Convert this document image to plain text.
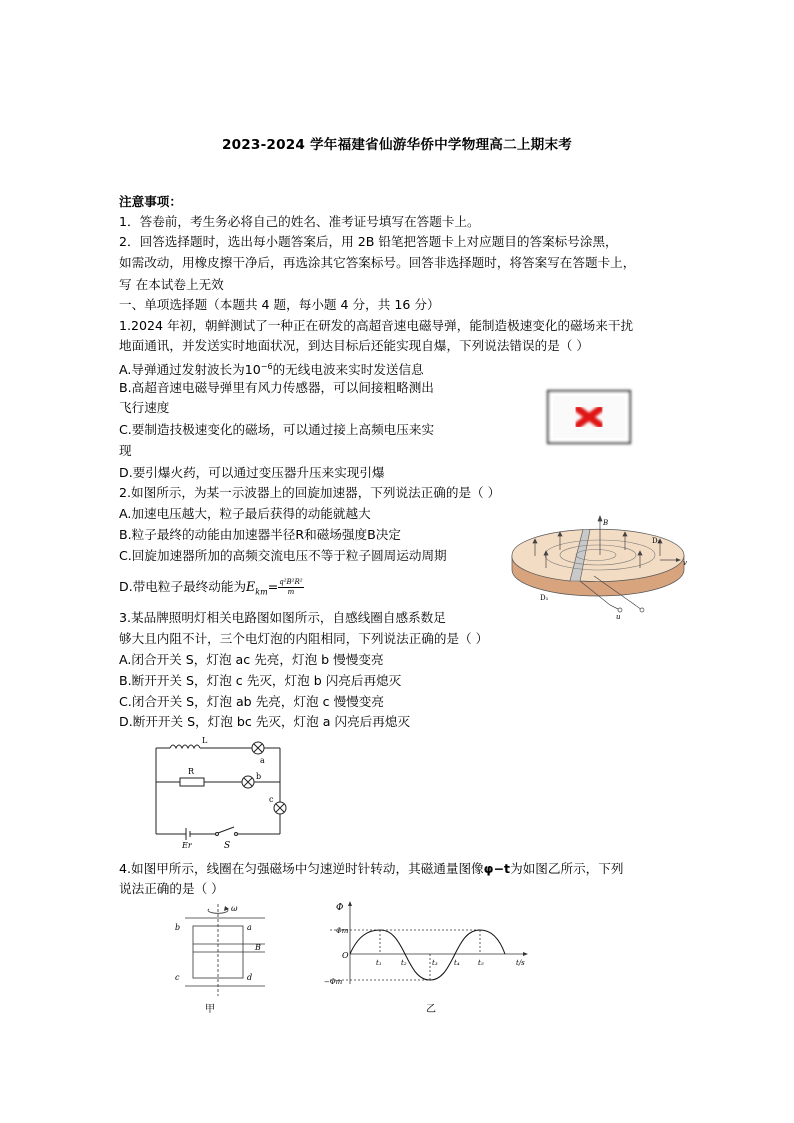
2023-2024 学年福建省仙游华侨中学物理高二上期末考
注意事项：
1．答卷前，考生务必将自己的姓名、准考证号填写在答题卡上。
2．回答选择题时，选出每小题答案后，用 2B 铅笔把答题卡上对应题目的答案标号涂黑，
如需改动，用橡皮擦干净后，再选涂其它答案标号。回答非选择题时，将答案写在答题卡上，
写 在本试卷上无效
一、单项选择题（本题共 4 题，每小题 4 分，共 16 分）
1.2024 年初，朝鲜测试了一种正在研发的高超音速电磁导弹，能制造极速变化的磁场来干扰
地面通讯，并发送实时地面状况，到达目标后还能实现自爆，下列说法错误的是（ ）
A.导弹通过发射波长为$10^{-6}$的无线电波来实时发送信息
B.高超音速电磁导弹里有风力传感器，可以间接粗略测出
飞行速度
C.要制造技极速变化的磁场，可以通过接上高频电压来实
现
D.要引爆火药，可以通过变压器升压来实现引爆
2.如图所示，为某一示波器上的回旋加速器，下列说法正确的是（ ）
A.加速电压越大，粒子最后获得的动能就越大
B.粒子最终的动能由加速器半径R和磁场强度B决定
C.回旋加速器所加的高频交流电压不等于粒子圆周运动周期
D.带电粒子最终动能为$E_{km}= \frac{\text{q²B²R²}}{m}$
B
D₂
D₁
v
u
3.某品牌照明灯相关电路图如图所示，自感线圈自感系数足
够大且内阻不计，三个电灯泡的内阻相同，下列说法正确的是（ ）
A.闭合开关 S，灯泡 ac 先亮，灯泡 b 慢慢变亮
B.断开开关 S，灯泡 c 先灭，灯泡 b 闪亮后再熄灭
C.闭合开关 S，灯泡 ab 先亮，灯泡 c 慢慢变亮
D.断开开关 S，灯泡 bc 先灭，灯泡 a 闪亮后再熄灭
L
a
R
b
c
Er	S
4.如图甲所示，线圈在匀强磁场中匀速逆时针转动，其磁通量图像φ−t为如图乙所示，下列
说法正确的是（ ）
ω
b	a
c	d
B
甲
Φ
Φm
−Φm
O
t₁	t₂	t₃ t₄	t₅	t/s
乙
